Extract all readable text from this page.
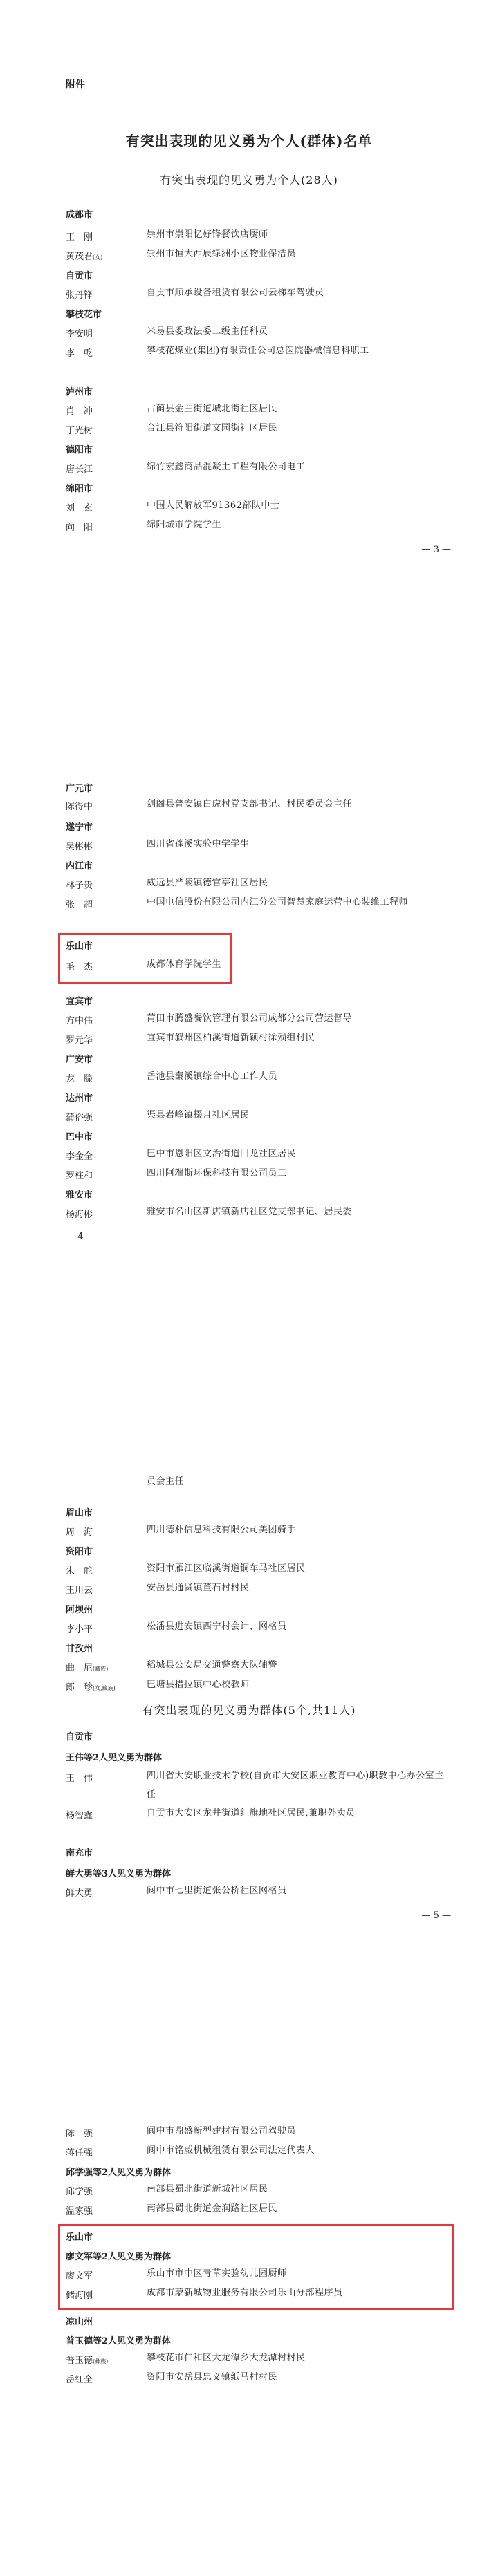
附件
有突出表现的见义勇为个人(群体)名单
有突出表现的见义勇为个人(28人)
成都市
王　刚	崇州市崇阳忆好锋餐饮店厨师
黄茂君(女)	崇州市恒大西辰绿洲小区物业保洁员
自贡市
张丹锋	自贡市顺承设备租赁有限公司云梯车驾驶员
攀枝花市
李安明	米易县委政法委二级主任科员
李　乾	攀枝花煤业(集团)有限责任公司总医院器械信息科职工
泸州市
肖　冲	古蔺县金兰街道城北街社区居民
丁光树	合江县符阳街道文园街社区居民
德阳市
唐长江	绵竹宏鑫商品混凝土工程有限公司电工
绵阳市
刘　玄	中国人民解放军91362部队中士
向　阳	绵阳城市学院学生
— 3 —
广元市
陈得中	剑阁县普安镇白虎村党支部书记、村民委员会主任
遂宁市
吴彬彬	四川省蓬溪实验中学学生
内江市
林子贵	威远县严陵镇德官亭社区居民
张　超	中国电信股份有限公司内江分公司智慧家庭运营中心装维工程师
乐山市
毛　杰	成都体育学院学生
宜宾市
方中伟	莆田市腾盛餐饮管理有限公司成都分公司营运督导
罗元华	宜宾市叙州区柏溪街道新颖村徐殒组村民
广安市
龙　滕	岳池县秦溪镇综合中心工作人员
达州市
蒲俗强	渠县岩峰镇掇月社区居民
巴中市
李金全	巴中市恩阳区文治街道回龙社区居民
罗柱和	四川阿端斯环保科技有限公司员工
雅安市
杨海彬	雅安市名山区新店镇新店社区党支部书记、居民委
— 4 —
员会主任
眉山市
周　海	四川德朴信息科技有限公司美团骑手
资阳市
朱　舵	资阳市雁江区临溪街道铜车马社区居民
王川云	安岳县通贤镇董石村村民
阿坝州
李小平	松潘县进安镇西宁村会计、网格员
甘孜州
曲　尼(藏族)	稻城县公安局交通警察大队辅警
郎　珍(女,藏族)	巴塘县措拉镇中心校教师
有突出表现的见义勇为群体(5个,共11人)
自贡市
王伟等2人见义勇为群体
王　伟	四川省大安职业技术学校(自贡市大安区职业教育中心)职教中心办公室主任
杨智鑫	自贡市大安区龙井街道红旗地社区居民,兼职外卖员
南充市
鲜大勇等3人见义勇为群体
鲜大勇	阆中市七里街道张公桥社区网格员
— 5 —
陈　强	阆中市鼎盛新型建材有限公司驾驶员
蒋任强	阆中市铭威机械租赁有限公司法定代表人
邱学强等2人见义勇为群体
邱学强	南部县蜀北街道新城社区居民
温家强	南部县蜀北街道金润路社区居民
乐山市
廖文军等2人见义勇为群体
廖文军	乐山市市中区青草实验幼儿园厨师
储海刚	成都市蒙新城物业服务有限公司乐山分部程序员
凉山州
普玉德等2人见义勇为群体
普玉德(彝族)	攀枝花市仁和区大龙潭乡大龙潭村村民
岳红全	资阳市安岳县忠义镇纸马村村民
